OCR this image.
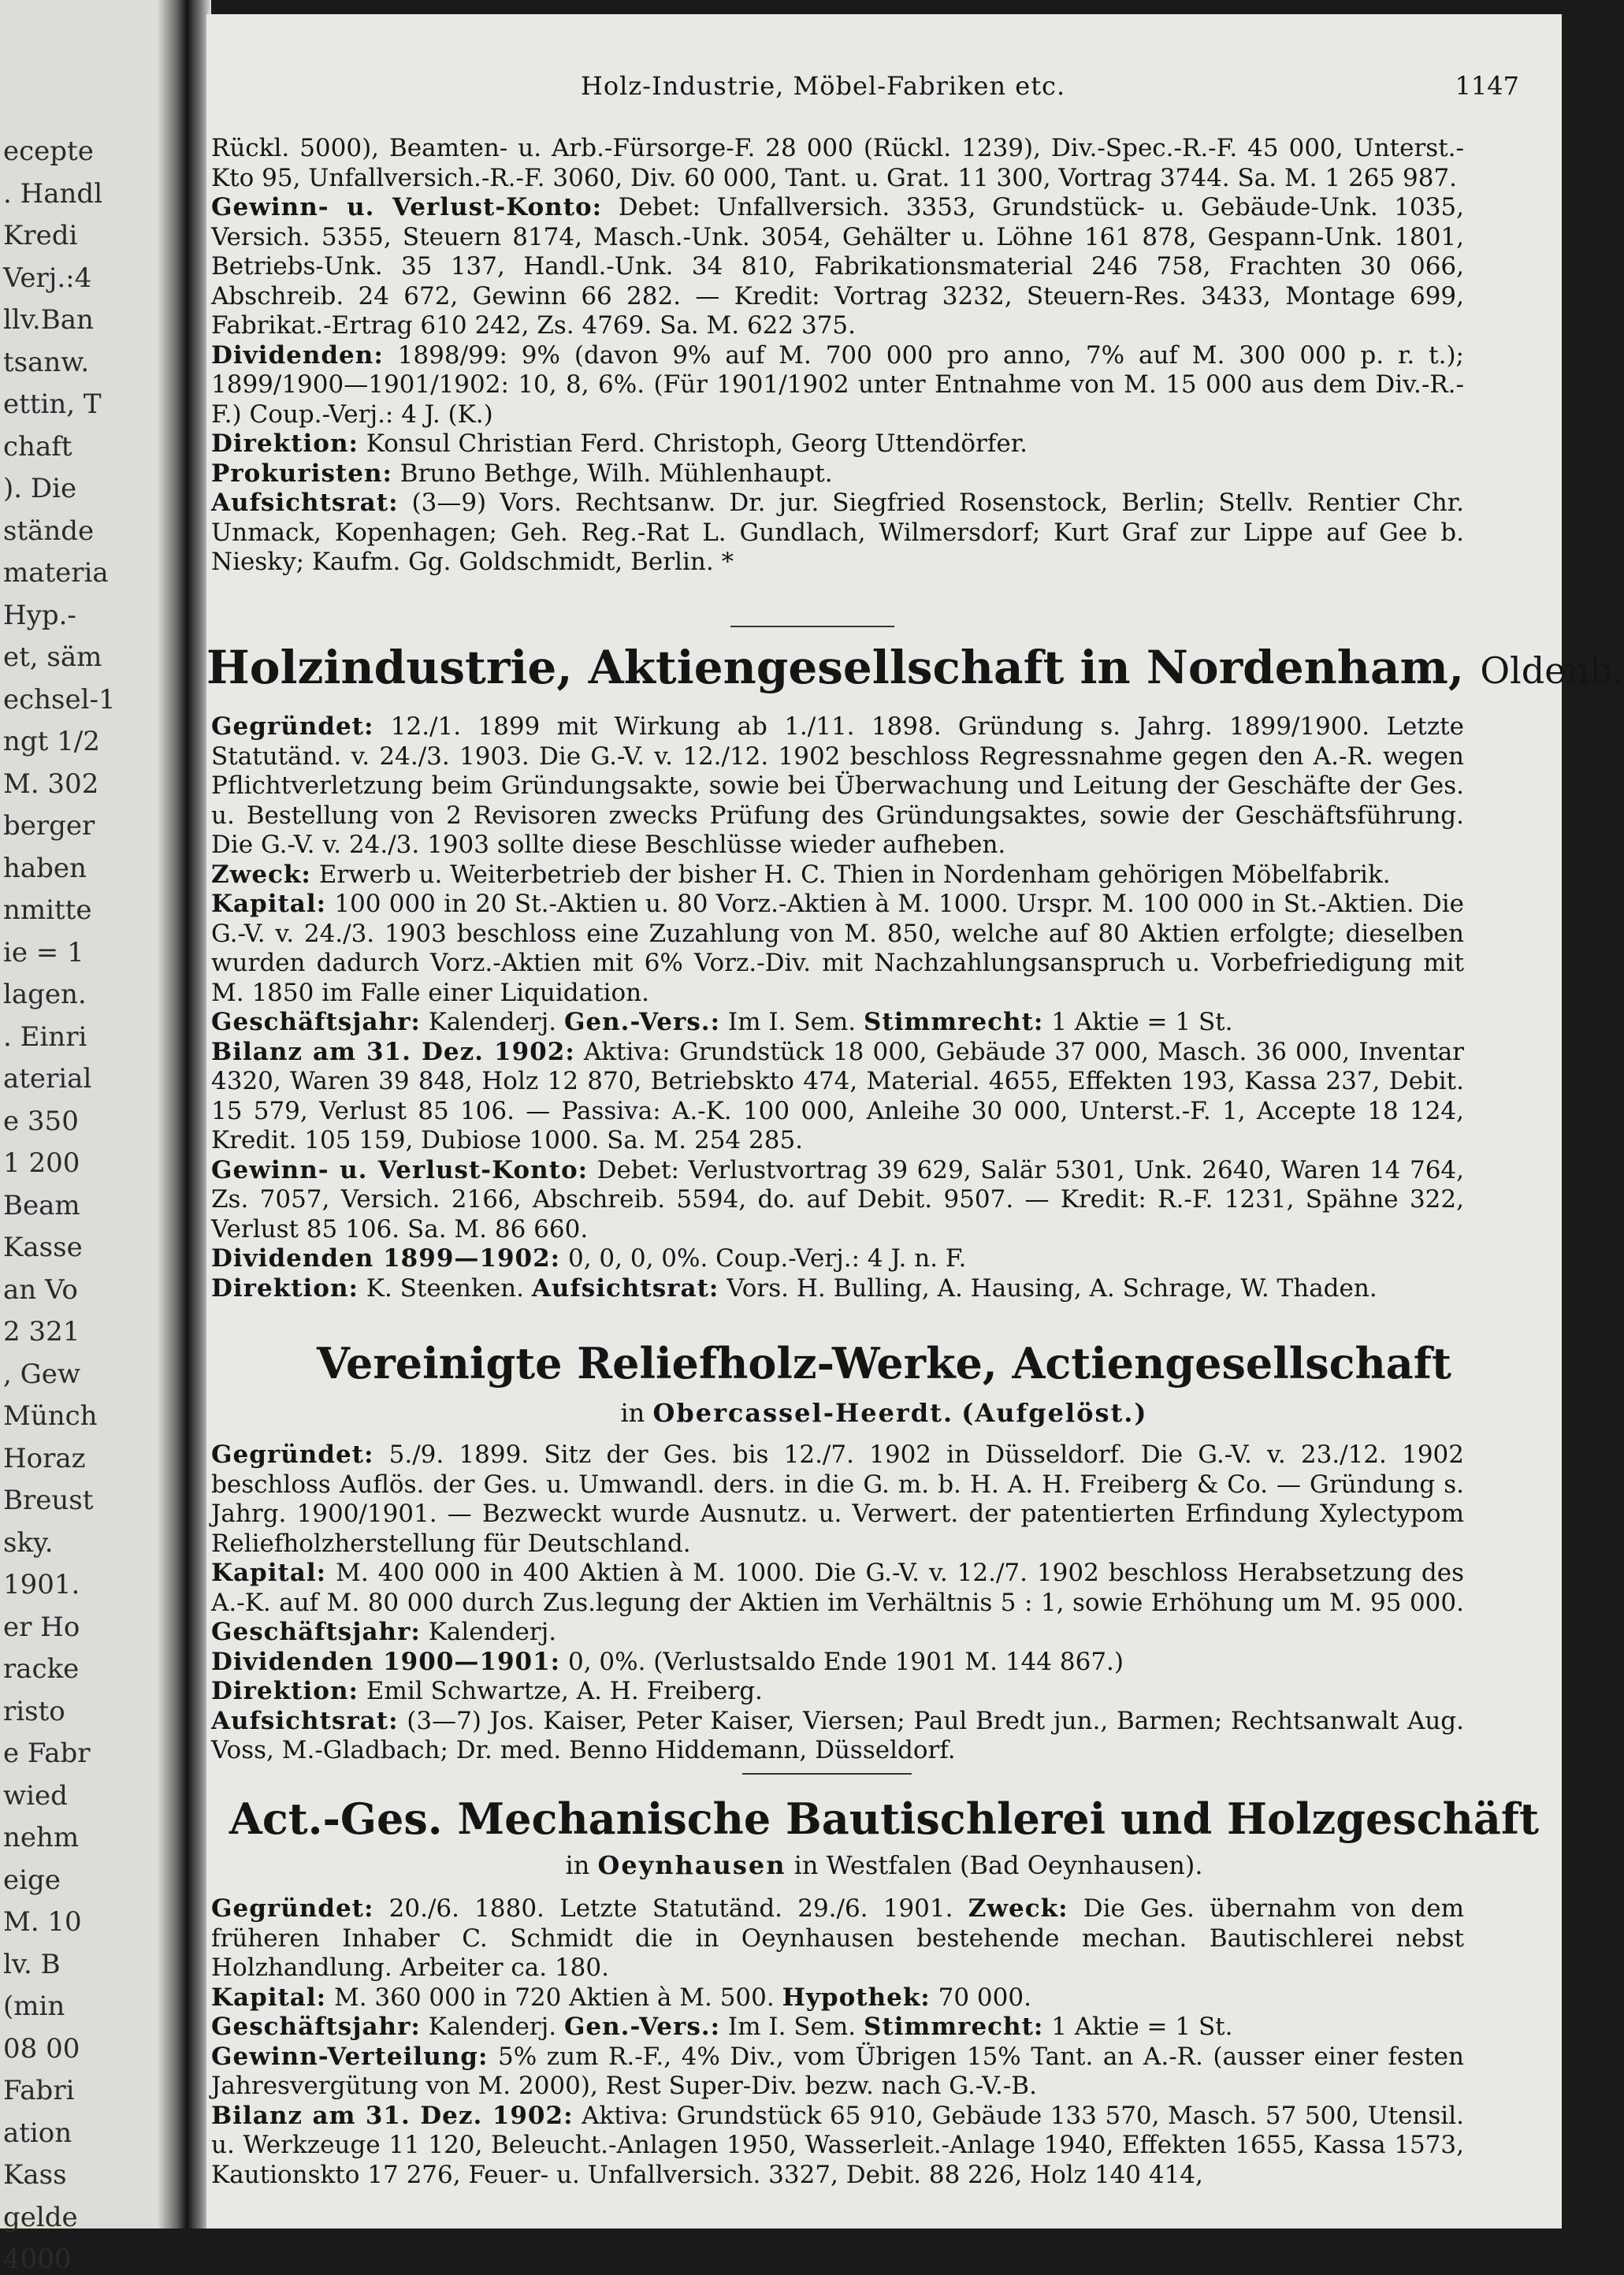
ecepte
. Handl
Kredi
Verj.:4
llv.Ban
tsanw.
ettin, T
chaft
). Die
stände
materia
Hyp.-
et, säm
echsel-1
ngt 1/2
M. 302
berger
haben
nmitte
ie = 1
lagen.
. Einri
aterial
e 350
1 200
Beam
Kasse
an Vo
2 321
, Gew
Münch
Horaz
Breust
sky.
1901.
er Ho
racke
risto
e Fabr
wied
nehm
eige
M. 10
lv. B
(min
08 00
Fabri
ation
Kass
gelde
4000
Holz-Industrie, Möbel-Fabriken etc.	1147

Rückl. 5000), Beamten- u. Arb.-Fürsorge-F. 28 000 (Rückl. 1239), Div.-Spec.-R.-F. 45 000, Unterst.-Kto 95, Unfallversich.-R.-F. 3060, Div. 60 000, Tant. u. Grat. 11 300, Vortrag 3744. Sa. M. 1 265 987.

Gewinn- u. Verlust-Konto: Debet: Unfallversich. 3353, Grundstück- u. Gebäude-Unk. 1035, Versich. 5355, Steuern 8174, Masch.-Unk. 3054, Gehälter u. Löhne 161 878, Gespann-Unk. 1801, Betriebs-Unk. 35 137, Handl.-Unk. 34 810, Fabrikationsmaterial 246 758, Frachten 30 066, Abschreib. 24 672, Gewinn 66 282. — Kredit: Vortrag 3232, Steuern-Res. 3433, Montage 699, Fabrikat.-Ertrag 610 242, Zs. 4769. Sa. M. 622 375.

Dividenden: 1898/99: 9% (davon 9% auf M. 700 000 pro anno, 7% auf M. 300 000 p. r. t.); 1899/1900—1901/1902: 10, 8, 6%. (Für 1901/1902 unter Entnahme von M. 15 000 aus dem Div.-R.-F.) Coup.-Verj.: 4 J. (K.)

Direktion: Konsul Christian Ferd. Christoph, Georg Uttendörfer.

Prokuristen: Bruno Bethge, Wilh. Mühlenhaupt.

Aufsichtsrat: (3—9) Vors. Rechtsanw. Dr. jur. Siegfried Rosenstock, Berlin; Stellv. Rentier Chr. Unmack, Kopenhagen; Geh. Reg.-Rat L. Gundlach, Wilmersdorf; Kurt Graf zur Lippe auf Gee b. Niesky; Kaufm. Gg. Goldschmidt, Berlin. *

Holzindustrie, Aktiengesellschaft in Nordenham, Oldenb.

Gegründet: 12./1. 1899 mit Wirkung ab 1./11. 1898. Gründung s. Jahrg. 1899/1900. Letzte Statutänd. v. 24./3. 1903. Die G.-V. v. 12./12. 1902 beschloss Regressnahme gegen den A.-R. wegen Pflichtverletzung beim Gründungsakte, sowie bei Überwachung und Leitung der Geschäfte der Ges. u. Bestellung von 2 Revisoren zwecks Prüfung des Gründungsaktes, sowie der Geschäftsführung. Die G.-V. v. 24./3. 1903 sollte diese Beschlüsse wieder aufheben.

Zweck: Erwerb u. Weiterbetrieb der bisher H. C. Thien in Nordenham gehörigen Möbelfabrik.

Kapital: 100 000 in 20 St.-Aktien u. 80 Vorz.-Aktien à M. 1000. Urspr. M. 100 000 in St.-Aktien. Die G.-V. v. 24./3. 1903 beschloss eine Zuzahlung von M. 850, welche auf 80 Aktien erfolgte; dieselben wurden dadurch Vorz.-Aktien mit 6% Vorz.-Div. mit Nachzahlungsanspruch u. Vorbefriedigung mit M. 1850 im Falle einer Liquidation.

Geschäftsjahr: Kalenderj. Gen.-Vers.: Im I. Sem. Stimmrecht: 1 Aktie = 1 St.

Bilanz am 31. Dez. 1902: Aktiva: Grundstück 18 000, Gebäude 37 000, Masch. 36 000, Inventar 4320, Waren 39 848, Holz 12 870, Betriebskto 474, Material. 4655, Effekten 193, Kassa 237, Debit. 15 579, Verlust 85 106. — Passiva: A.-K. 100 000, Anleihe 30 000, Unterst.-F. 1, Accepte 18 124, Kredit. 105 159, Dubiose 1000. Sa. M. 254 285.

Gewinn- u. Verlust-Konto: Debet: Verlustvortrag 39 629, Salär 5301, Unk. 2640, Waren 14 764, Zs. 7057, Versich. 2166, Abschreib. 5594, do. auf Debit. 9507. — Kredit: R.-F. 1231, Spähne 322, Verlust 85 106. Sa. M. 86 660.

Dividenden 1899—1902: 0, 0, 0, 0%. Coup.-Verj.: 4 J. n. F.

Direktion: K. Steenken. Aufsichtsrat: Vors. H. Bulling, A. Hausing, A. Schrage, W. Thaden.

Vereinigte Reliefholz-Werke, Actiengesellschaft
in Obercassel-Heerdt. (Aufgelöst.)

Gegründet: 5./9. 1899. Sitz der Ges. bis 12./7. 1902 in Düsseldorf. Die G.-V. v. 23./12. 1902 beschloss Auflös. der Ges. u. Umwandl. ders. in die G. m. b. H. A. H. Freiberg & Co. — Gründung s. Jahrg. 1900/1901. — Bezweckt wurde Ausnutz. u. Verwert. der patentierten Erfindung Xylectypom Reliefholzherstellung für Deutschland.

Kapital: M. 400 000 in 400 Aktien à M. 1000. Die G.-V. v. 12./7. 1902 beschloss Herabsetzung des A.-K. auf M. 80 000 durch Zus.legung der Aktien im Verhältnis 5 : 1, sowie Erhöhung um M. 95 000. Geschäftsjahr: Kalenderj.

Dividenden 1900—1901: 0, 0%. (Verlustsaldo Ende 1901 M. 144 867.)

Direktion: Emil Schwartze, A. H. Freiberg.

Aufsichtsrat: (3—7) Jos. Kaiser, Peter Kaiser, Viersen; Paul Bredt jun., Barmen; Rechtsanwalt Aug. Voss, M.-Gladbach; Dr. med. Benno Hiddemann, Düsseldorf.

Act.-Ges. Mechanische Bautischlerei und Holzgeschäft
in Oeynhausen in Westfalen (Bad Oeynhausen).

Gegründet: 20./6. 1880. Letzte Statutänd. 29./6. 1901. Zweck: Die Ges. übernahm von dem früheren Inhaber C. Schmidt die in Oeynhausen bestehende mechan. Bautischlerei nebst Holzhandlung. Arbeiter ca. 180.

Kapital: M. 360 000 in 720 Aktien à M. 500. Hypothek: 70 000.

Geschäftsjahr: Kalenderj. Gen.-Vers.: Im I. Sem. Stimmrecht: 1 Aktie = 1 St.

Gewinn-Verteilung: 5% zum R.-F., 4% Div., vom Übrigen 15% Tant. an A.-R. (ausser einer festen Jahresvergütung von M. 2000), Rest Super-Div. bezw. nach G.-V.-B.

Bilanz am 31. Dez. 1902: Aktiva: Grundstück 65 910, Gebäude 133 570, Masch. 57 500, Utensil. u. Werkzeuge 11 120, Beleucht.-Anlagen 1950, Wasserleit.-Anlage 1940, Effekten 1655, Kassa 1573, Kautionskto 17 276, Feuer- u. Unfallversich. 3327, Debit. 88 226, Holz 140 414,
